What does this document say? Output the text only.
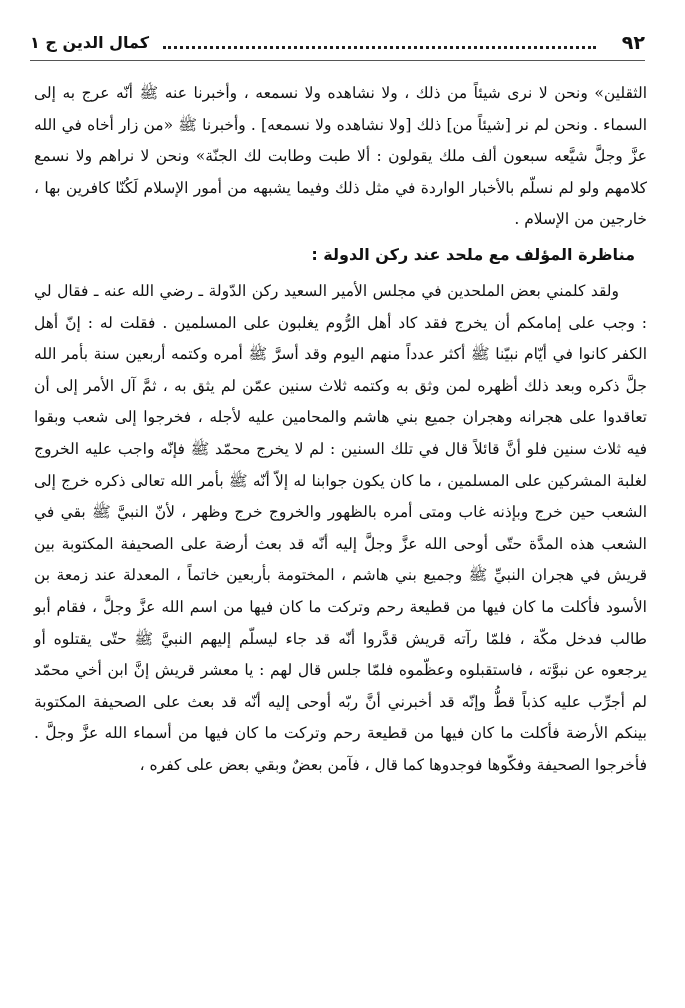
٩٢
كمال الدين ج ١

الثقلين» ونحن لا نرى شيئاً من ذلك ، ولا نشاهده ولا نسمعه ، وأخبرنا عنه ﷺ أنّه عرج به إلى السماء . ونحن لم نر [شيئاً من] ذلك [ولا نشاهده ولا نسمعه] . وأخبرنا ﷺ «من زار أخاه في الله عزَّ وجلَّ شيَّعه سبعون ألف ملك يقولون : ألا طبت وطابت لك الجنّة» ونحن لا نراهم ولا نسمع كلامهم ولو لم نسلّم بالأخبار الواردة في مثل ذلك وفيما يشبهه من أمور الإسلام لَكُنّا كافرين بها ، خارجين من الإسلام .

مناظرة المؤلف مع ملحد عند ركن الدولة :

ولقد كلمني بعض الملحدين في مجلس الأمير السعيد ركن الدّولة ـ رضي الله عنه ـ فقال لي : وجب على إمامكم أن يخرج فقد كاد أهل الرُّوم يغلبون على المسلمين . فقلت له : إنّ أهل الكفر كانوا في أيّام نبيّنا ﷺ أكثر عدداً منهم اليوم وقد أسرَّ ﷺ أمره وكتمه أربعين سنة بأمر الله جلَّ ذكره وبعد ذلك أظهره لمن وثق به وكتمه ثلاث سنين عمّن لم يثق به ، ثمَّ آل الأمر إلى أن تعاقدوا على هجرانه وهجران جميع بني هاشم والمحامين عليه لأجله ، فخرجوا إلى شعب وبقوا فيه ثلاث سنين فلو أنَّ قائلاً قال في تلك السنين : لم لا يخرج محمّد ﷺ فإنّه واجب عليه الخروج لغلبة المشركين على المسلمين ، ما كان يكون جوابنا له إلاّ أنّه ﷺ بأمر الله تعالى ذكره خرج إلى الشعب حين خرج وبإذنه غاب ومتى أمره بالظهور والخروج خرج وظهر ، لأنّ النبيَّ ﷺ بقي في الشعب هذه المدَّة حتّى أوحى الله عزَّ وجلَّ إليه أنّه قد بعث أرضة على الصحيفة المكتوبة بين قريش في هجران النبيِّ ﷺ وجميع بني هاشم ، المختومة بأربعين خاتماً ، المعدلة عند زمعة بن الأسود فأكلت ما كان فيها من قطيعة رحم وتركت ما كان فيها من اسم الله عزَّ وجلَّ ، فقام أبو طالب فدخل مكّة ، فلمّا رآته قريش قدَّروا أنّه قد جاء ليسلّم إليهم النبيَّ ﷺ حتّى يقتلوه أو يرجعوه عن نبوَّته ، فاستقبلوه وعظّموه فلمّا جلس قال لهم : يا معشر قريش إنَّ ابن أخي محمّد لم أجرِّب عليه كذباً قطُّ وإنّه قد أخبرني أنَّ ربّه أوحى إليه أنّه قد بعث على الصحيفة المكتوبة بينكم الأرضة فأكلت ما كان فيها من قطيعة رحم وتركت ما كان فيها من أسماء الله عزَّ وجلَّ . فأخرجوا الصحيفة وفكّوها فوجدوها كما قال ، فآمن بعضٌ وبقي بعض على كفره ،
